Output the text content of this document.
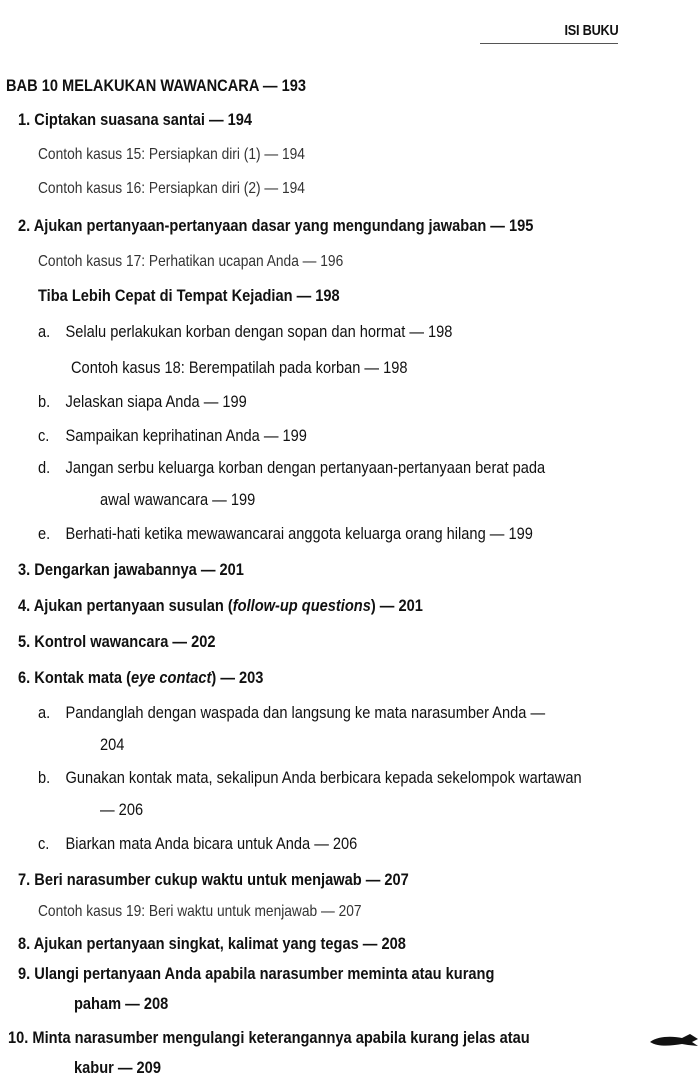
ISI BUKU
BAB 10 MELAKUKAN WAWANCARA — 193
1. Ciptakan suasana santai — 194
Contoh kasus 15: Persiapkan diri (1) — 194
Contoh kasus 16: Persiapkan diri (2) — 194
2. Ajukan pertanyaan-pertanyaan dasar yang mengundang jawaban — 195
Contoh kasus 17: Perhatikan ucapan Anda — 196
Tiba Lebih Cepat di Tempat Kejadian — 198
a. Selalu perlakukan korban dengan sopan dan hormat — 198
Contoh kasus 18: Berempatilah pada korban — 198
b. Jelaskan siapa Anda — 199
c. Sampaikan keprihatinan Anda — 199
d. Jangan serbu keluarga korban dengan pertanyaan-pertanyaan berat pada
awal wawancara — 199
e. Berhati-hati ketika mewawancarai anggota keluarga orang hilang — 199
3. Dengarkan jawabannya — 201
4. Ajukan pertanyaan susulan (follow-up questions) — 201
5. Kontrol wawancara — 202
6. Kontak mata (eye contact) — 203
a. Pandanglah dengan waspada dan langsung ke mata narasumber Anda —
204
b. Gunakan kontak mata, sekalipun Anda berbicara kepada sekelompok wartawan
— 206
c. Biarkan mata Anda bicara untuk Anda — 206
7. Beri narasumber cukup waktu untuk menjawab — 207
Contoh kasus 19: Beri waktu untuk menjawab — 207
8. Ajukan pertanyaan singkat, kalimat yang tegas — 208
9. Ulangi pertanyaan Anda apabila narasumber meminta atau kurang
paham — 208
10. Minta narasumber mengulangi keterangannya apabila kurang jelas atau
kabur — 209
